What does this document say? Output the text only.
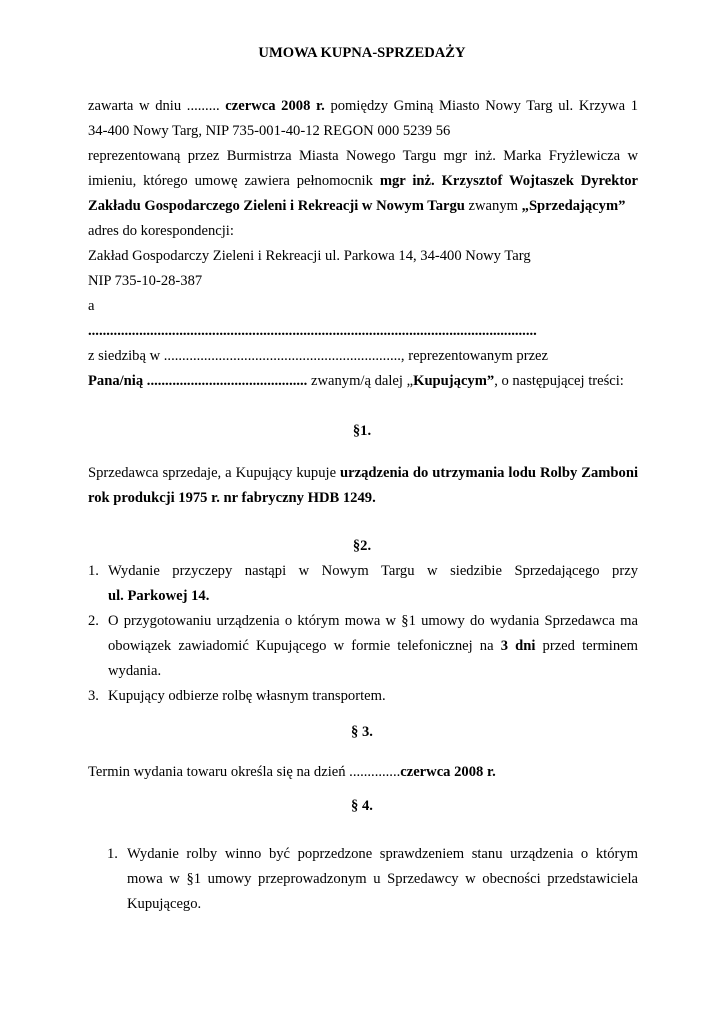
UMOWA KUPNA-SPRZEDAŻY
zawarta w dniu ......... czerwca 2008 r. pomiędzy Gminą Miasto Nowy Targ ul. Krzywa 1
34-400 Nowy Targ, NIP 735-001-40-12 REGON 000 5239 56
reprezentowaną przez Burmistrza Miasta Nowego Targu mgr inż. Marka Fryżlewicza w
imieniu, którego umowę zawiera pełnomocnik mgr inż. Krzysztof Wojtaszek Dyrektor
Zakładu Gospodarczego Zieleni i Rekreacji w Nowym Targu zwanym „Sprzedającym”
adres do korespondencji:
Zakład Gospodarczy Zieleni i Rekreacji ul. Parkowa 14, 34-400 Nowy Targ
NIP 735-10-28-387
a
...........................................................................................................................
z siedzibą w ................................................................., reprezentowanym przez
Pana/nią ............................................ zwanym/ą dalej „Kupującym”, o następującej treści:
§1.
Sprzedawca sprzedaje, a Kupujący kupuje urządzenia do utrzymania lodu Rolby Zamboni
rok produkcji 1975 r. nr fabryczny HDB 1249.
§2.
1. Wydanie przyczepy nastąpi w Nowym Targu w siedzibie Sprzedającego przy
ul. Parkowej 14.
2. O przygotowaniu urządzenia o którym mowa w §1 umowy do wydania Sprzedawca ma
obowiązek zawiadomić Kupującego w formie telefonicznej na 3 dni przed terminem
wydania.
3. Kupujący odbierze rolbę własnym transportem.
§ 3.
Termin wydania towaru określa się na dzień ..............czerwca 2008 r.
§ 4.
1. Wydanie rolby winno być poprzedzone sprawdzeniem stanu urządzenia o którym
mowa w §1 umowy przeprowadzonym u Sprzedawcy w obecności przedstawiciela
Kupującego.
